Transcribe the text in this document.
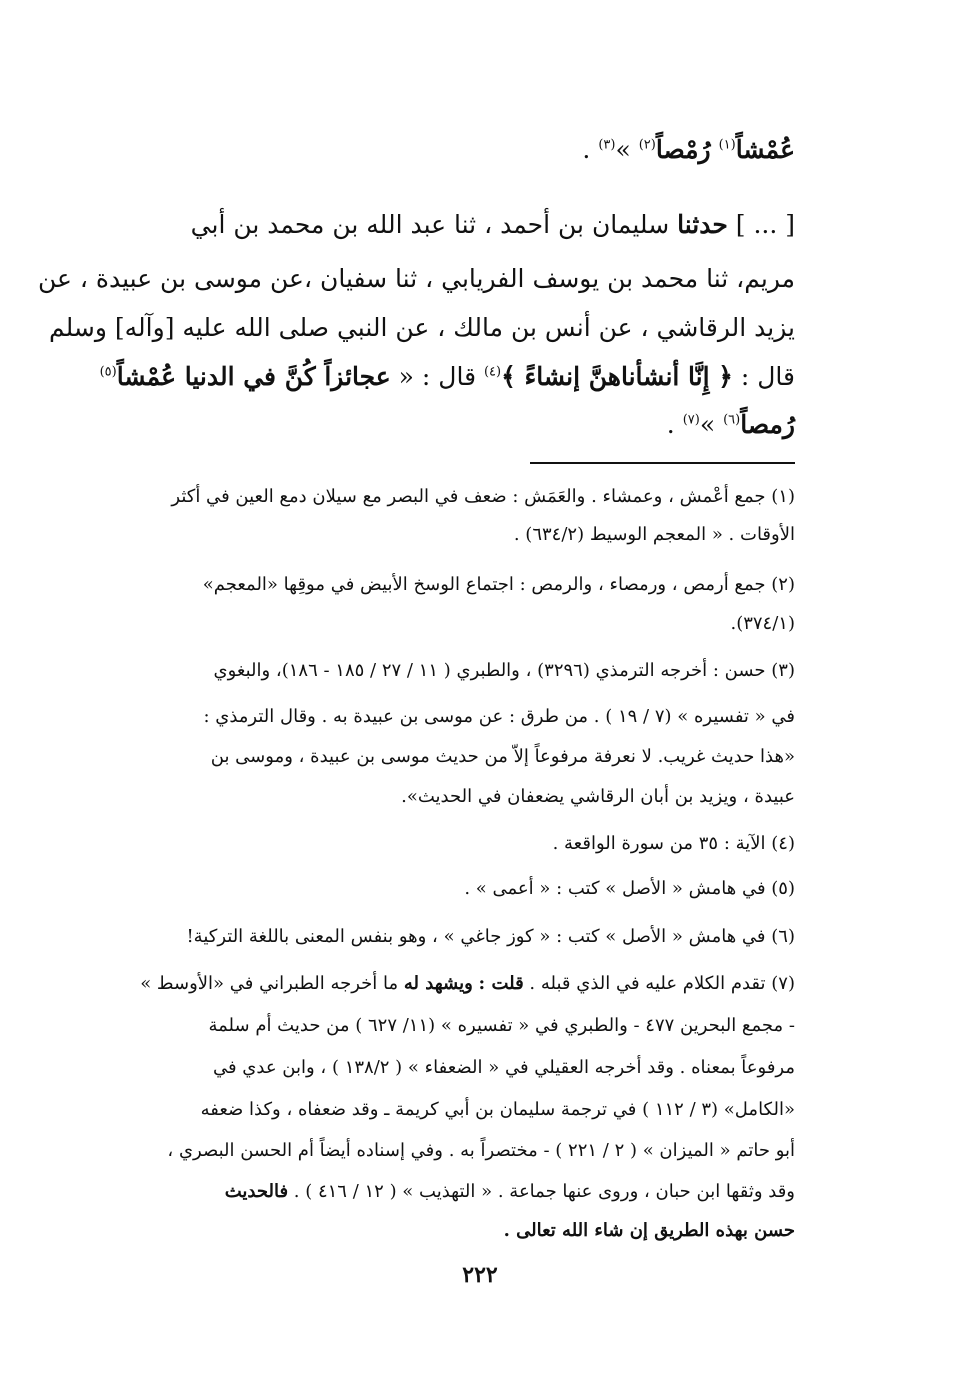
عُمْشاً$^{(١)}$ رُمْصاً$^{(٢)}$ »$^{(٣)}$ .
[ ... ] حدثنا سليمان بن أحمد ، ثنا عبد الله بن محمد بن أبي
مريم، ثنا محمد بن يوسف الفريابي ، ثنا سفيان ،عن موسى بن عبيدة ، عن
يزيد الرقاشي ، عن أنس بن مالك ، عن النبي صلى الله عليه [وآله] وسلم
قال : ﴿ إِنَّا أنشأناهنَّ إنشاءً ﴾$^{(٤)}$ قال : « عجائزاً كُنَّ في الدنيا عُمْشاً$^{(٥)}$
رُمصاً$^{(٦)}$ »$^{(٧)}$ .
(١) جمع أعْمش ، وعمشاء . والعَمَش : ضعف في البصر مع سيلان دمع العين في أكثر
الأوقات . « المعجم الوسيط (٦٣٤/٢) .
(٢) جمع أرمص ، ورمصاء ، والرمص : اجتماع الوسخ الأبيض في موقِها «المعجم»
(٣٧٤/١).
(٣) حسن : أخرجه الترمذي (٣٢٩٦) ، والطبري ( ١١ / ٢٧ / ١٨٥ - ١٨٦)، والبغوي
في « تفسيره » (٧ / ١٩ ) . من طرق : عن موسى بن عبيدة به . وقال الترمذي :
«هذا حديث غريب. لا نعرفة مرفوعاً إلاّ من حديث موسى بن عبيدة ، وموسى بن
عبيدة ، ويزيد بن أبان الرقاشي يضعفان في الحديث».
(٤) الآية : ٣٥ من سورة الواقعة .
(٥) في هامش « الأصل » كتب : « أعمى » .
(٦) في هامش « الأصل » كتب : « كوز جاغي » ، وهو بنفس المعنى باللغة التركية!
(٧) تقدم الكلام عليه في الذي قبله . قلت : ويشهد له ما أخرجه الطبراني في «الأوسط »
- مجمع البحرين ٤٧٧ - والطبري في « تفسيره » (١١/ ٦٢٧ ) من حديث أم سلمة
مرفوعاً بمعناه . وقد أخرجه العقيلي في « الضعفاء » ( ١٣٨/٢ ) ، وابن عدي في
«الكامل» (٣ / ١١٢ ) في ترجمة سليمان بن أبي كريمة ـ وقد ضعفاه ، وكذا ضعفه
أبو حاتم « الميزان » ( ٢ / ٢٢١ ) - مختصراً به . وفي إسناده أيضاً أم الحسن البصري ،
وقد وثقها ابن حبان ، وروى عنها جماعة . « التهذيب » ( ١٢ / ٤١٦ ) . فالحديث
حسن بهذه الطريق إن شاء الله تعالى .
٢٢٢
